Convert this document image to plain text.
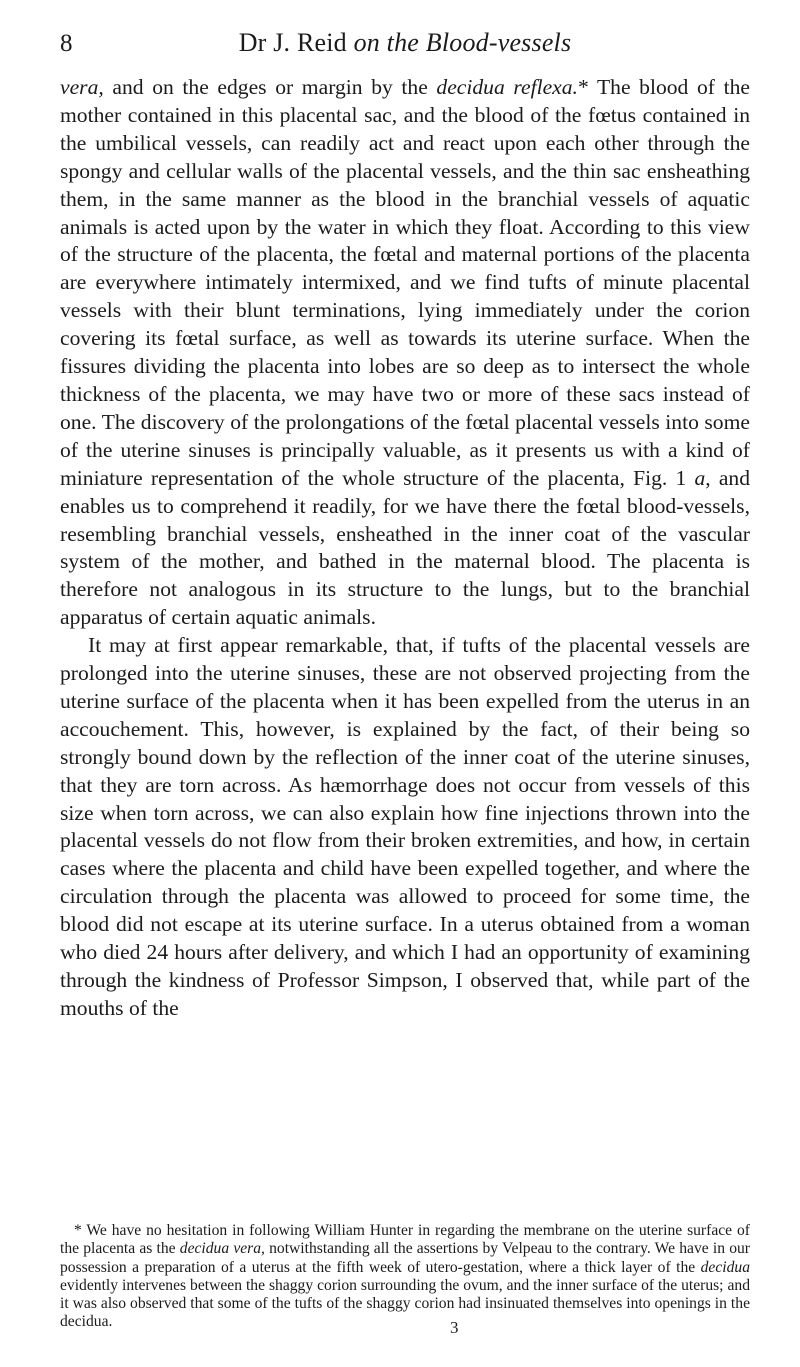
8	Dr J. Reid on the Blood-vessels

vera, and on the edges or margin by the decidua reflexa.* The blood of the mother contained in this placental sac, and the blood of the fœtus contained in the umbilical vessels, can readily act and react upon each other through the spongy and cellular walls of the placental vessels, and the thin sac ensheathing them, in the same manner as the blood in the branchial vessels of aquatic animals is acted upon by the water in which they float. According to this view of the structure of the placenta, the fœtal and maternal portions of the placenta are everywhere intimately intermixed, and we find tufts of minute placental vessels with their blunt terminations, lying immediately under the corion covering its fœtal surface, as well as towards its uterine surface. When the fissures dividing the placenta into lobes are so deep as to intersect the whole thickness of the placenta, we may have two or more of these sacs instead of one. The discovery of the prolongations of the fœtal placental vessels into some of the uterine sinuses is principally valuable, as it presents us with a kind of miniature representation of the whole structure of the placenta, Fig. 1 a, and enables us to comprehend it readily, for we have there the fœtal blood-vessels, resembling branchial vessels, ensheathed in the inner coat of the vascular system of the mother, and bathed in the maternal blood. The placenta is therefore not analogous in its structure to the lungs, but to the branchial apparatus of certain aquatic animals.

It may at first appear remarkable, that, if tufts of the placental vessels are prolonged into the uterine sinuses, these are not observed projecting from the uterine surface of the placenta when it has been expelled from the uterus in an accouchement. This, however, is explained by the fact, of their being so strongly bound down by the reflection of the inner coat of the uterine sinuses, that they are torn across. As hæmorrhage does not occur from vessels of this size when torn across, we can also explain how fine injections thrown into the placental vessels do not flow from their broken extremities, and how, in certain cases where the placenta and child have been expelled together, and where the circulation through the placenta was allowed to proceed for some time, the blood did not escape at its uterine surface. In a uterus obtained from a woman who died 24 hours after delivery, and which I had an opportunity of examining through the kindness of Professor Simpson, I observed that, while part of the mouths of the

* We have no hesitation in following William Hunter in regarding the membrane on the uterine surface of the placenta as the decidua vera, notwithstanding all the assertions by Velpeau to the contrary. We have in our possession a preparation of a uterus at the fifth week of utero-gestation, where a thick layer of the decidua evidently intervenes between the shaggy corion surrounding the ovum, and the inner surface of the uterus; and it was also observed that some of the tufts of the shaggy corion had insinuated themselves into openings in the decidua.	3
